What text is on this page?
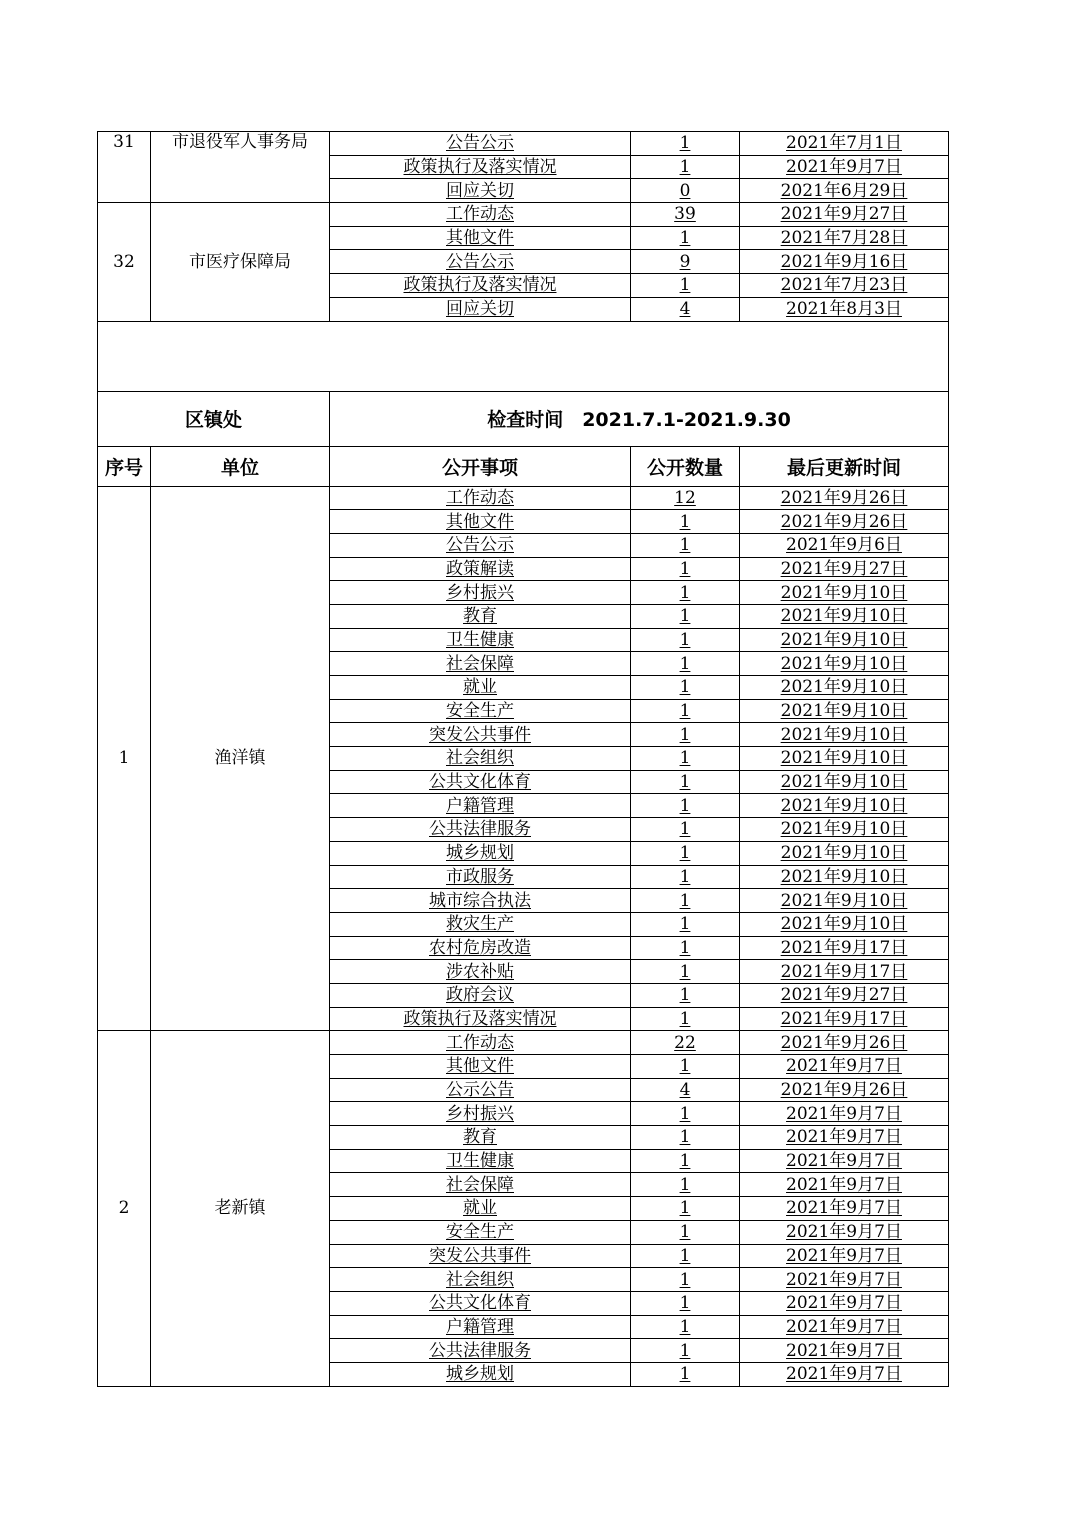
31	市退役军人事务局	公告公示	1	2021年7月1日
		政策执行及落实情况	1	2021年9月7日
		回应关切	0	2021年6月29日
32	市医疗保障局	工作动态	39	2021年9月27日
		其他文件	1	2021年7月28日
		公告公示	9	2021年9月16日
		政策执行及落实情况	1	2021年7月23日
		回应关切	4	2021年8月3日

区镇处		检查时间　2021.7.1-2021.9.30		
序号	单位	公开事项	公开数量	最后更新时间
1	渔洋镇	工作动态	12	2021年9月26日
		其他文件	1	2021年9月26日
		公告公示	1	2021年9月6日
		政策解读	1	2021年9月27日
		乡村振兴	1	2021年9月10日
		教育	1	2021年9月10日
		卫生健康	1	2021年9月10日
		社会保障	1	2021年9月10日
		就业	1	2021年9月10日
		安全生产	1	2021年9月10日
		突发公共事件	1	2021年9月10日
		社会组织	1	2021年9月10日
		公共文化体育	1	2021年9月10日
		户籍管理	1	2021年9月10日
		公共法律服务	1	2021年9月10日
		城乡规划	1	2021年9月10日
		市政服务	1	2021年9月10日
		城市综合执法	1	2021年9月10日
		救灾生产	1	2021年9月10日
		农村危房改造	1	2021年9月17日
		涉农补贴	1	2021年9月17日
		政府会议	1	2021年9月27日
		政策执行及落实情况	1	2021年9月17日
2	老新镇	工作动态	22	2021年9月26日
		其他文件	1	2021年9月7日
		公示公告	4	2021年9月26日
		乡村振兴	1	2021年9月7日
		教育	1	2021年9月7日
		卫生健康	1	2021年9月7日
		社会保障	1	2021年9月7日
		就业	1	2021年9月7日
		安全生产	1	2021年9月7日
		突发公共事件	1	2021年9月7日
		社会组织	1	2021年9月7日
		公共文化体育	1	2021年9月7日
		户籍管理	1	2021年9月7日
		公共法律服务	1	2021年9月7日
		城乡规划	1	2021年9月7日
